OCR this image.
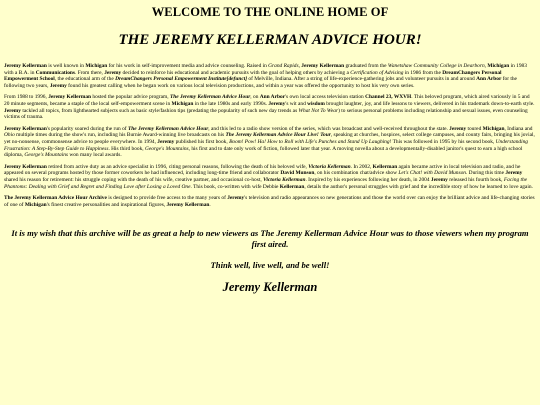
WELCOME TO THE ONLINE HOME OF
THE JEREMY KELLERMAN ADVICE HOUR!

Jeremy Kellerman is well known in Michigan for his work in self-improvement media and advice counseling. Raised in Grand Rapids, Jeremy Kellerman graduated from the Wanetshaw Community College in Dearborn, Michigan in 1983 with a B.A. in Communications. From there, Jeremy decided to reinforce his educational and academic pursuits with the goal of helping others by achieving a Certification of Advising in 1986 from the DreamChangers Personal Empowerment School, the educational arm of the DreamChangers Personal Empowerment Institute[defunct] of Melville, Indiana. After a string of life-experience-gathering jobs and volunteer pursuits in and around Ann Arbor for the following two years, Jeremy found his greatest calling when he began work on various local television productions, and within a year was offered the opportunity to host his very own series.

From 1988 to 1996, Jeremy Kellerman hosted the popular advice program, The Jeremy Kellerman Advice Hour, on Ann Arbor's own local access television station Channel 23, WXVH. This beloved program, which aired variously in 5 and 20 minute segments, became a staple of the local self-empowerment scene in Michigan in the late 1980s and early 1990s. Jeremy's wit and wisdom brought laughter, joy, and life lessons to viewers, delivered in his trademark down-to-earth style. Jeremy tackled all topics, from lighthearted subjects such as basic style/fashion tips (predating the popularity of such new day trends as What Not To Wear) to serious personal problems including relationship and sexual issues, even counseling victims of trauma.

Jeremy Kellerman's popularity soared during the run of The Jeremy Kellerman Advice Hour, and this led to a radio show version of the series, which was broadcast and well-received throughout the state. Jeremy toured Michigan, Indiana and Ohio multiple times during the show's run, including his Burnie Award-winning live broadcasts on his The Jeremy Kellerman Advice Hour Live! Tour, speaking at churches, hospices, select college campuses, and county fairs, bringing his jovial, yet no-nonsense, commonsense advice to people everywhere. In 1994, Jeremy published his first book, Boom! Pow! Ha! How to Roll with Life's Punches and Stand Up Laughing! This was followed in 1995 by his second book, Understanding Frustration: A Step-By-Step Guide to Happiness. His third book, George's Mountains, his first and to date only work of fiction, followed later that year. A moving novella about a developmentally-disabled janitor's quest to earn a high school diploma, George's Mountains won many local awards.

Jeremy Kellerman retired from active duty as an advice specialist in 1996, citing personal reasons, following the death of his beloved wife, Victoria Kellerman. In 2002, Kellerman again became active in local television and radio, and he appeared on several programs hosted by those former coworkers he had influenced, including long-time friend and collaborator David Munson, on his combination chat/advice show Let's Chat! with David Munson. During this time Jeremy shared his reason for retirement: his struggle coping with the death of his wife, creative partner, and occasional co-host, Victoria Kellerman. Inspired by his experiences following her death, in 2004 Jeremy released his fourth book, Facing the Phantoms: Dealing with Grief and Regret and Finding Love after Losing a Loved One. This book, co-written with wife Debbie Kellerman, details the author's personal struggles with grief and the incredible story of how he learned to love again.

The Jeremy Kellerman Advice Hour Archive is designed to provide free access to the many years of Jeremy's television and radio appearances so new generations and those the world over can enjoy the brilliant advice and life-changing stories of one of Michigan's finest creative personalities and inspirational figures, Jeremy Kellerman.

It is my wish that this archive will be as great a help to new viewers as The Jeremy Kellerman Advice Hour was to those viewers when my program first aired.

Think well, live well, and be well!

Jeremy Kellerman
